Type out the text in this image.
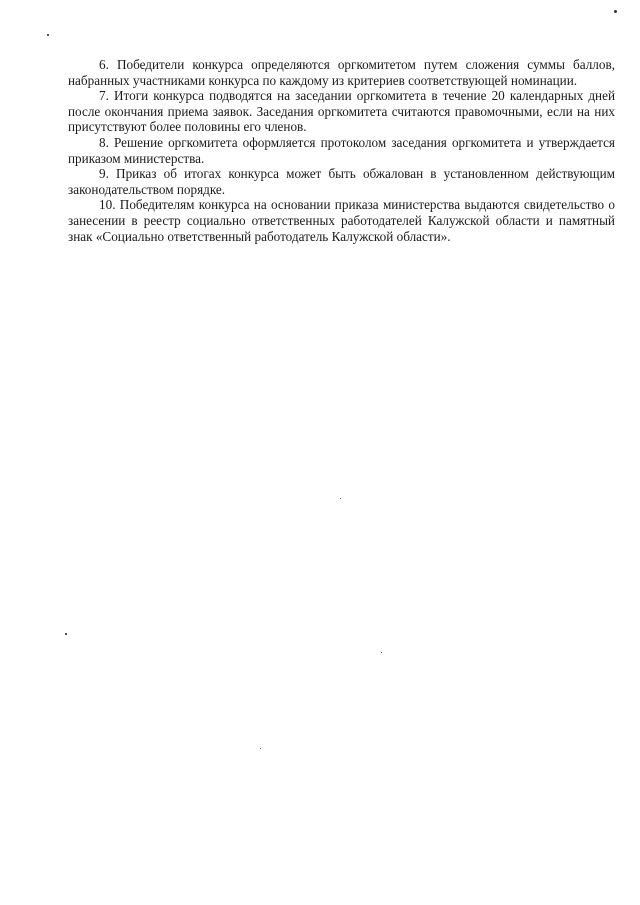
6. Победители конкурса определяются оргкомитетом путем сложения суммы баллов, набранных участниками конкурса по каждому из критериев соответствующей номинации.

7. Итоги конкурса подводятся на заседании оргкомитета в течение 20 календарных дней после окончания приема заявок. Заседания оргкомитета считаются правомочными, если на них присутствуют более половины его членов.

8. Решение оргкомитета оформляется протоколом заседания оргкомитета и утверждается приказом министерства.

9. Приказ об итогах конкурса может быть обжалован в установленном действующим законодательством порядке.

10. Победителям конкурса на основании приказа министерства выдаются свидетельство о занесении в реестр социально ответственных работодателей Калужской области и памятный знак «Социально ответственный работодатель Калужской области».
